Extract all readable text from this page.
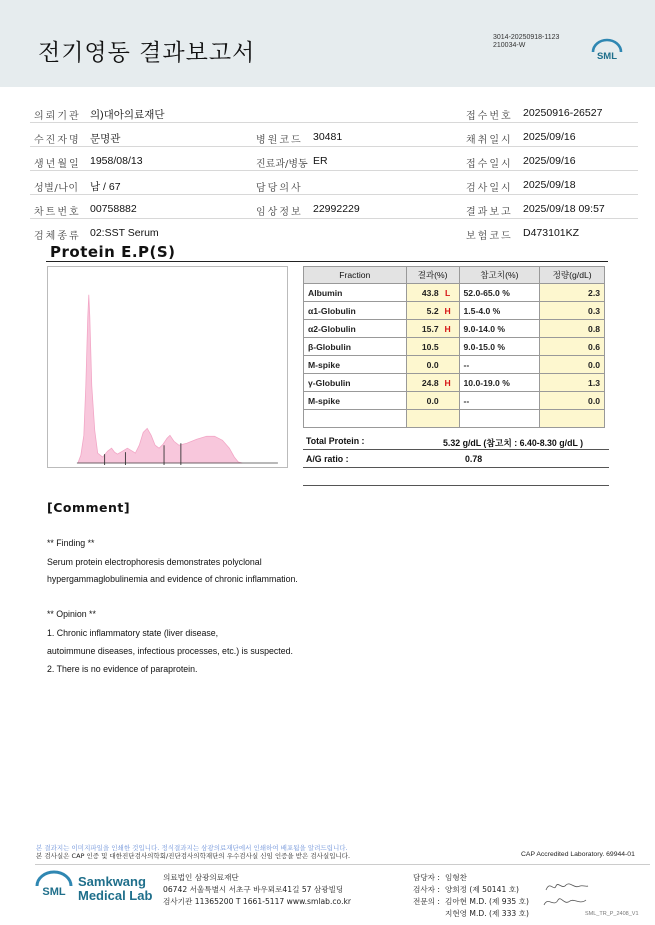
전기영동 결과보고서
3014-20250918-1123
210034-W
SML
의뢰기관 의)대아의료재단	접수번호 20250916-26527
수진자명 문명관	병원코드 30481	채취일시 2025/09/16
생년월일 1958/08/13	진료과/병동 ER	접수일시 2025/09/16
성별/나이 남 / 67	담당의사	검사일시 2025/09/18
차트번호 00758882	임상정보 22992229	결과보고 2025/09/18 09:57
검체종류 02:SST Serum	보험코드 D473101KZ
Protein E.P(S)
Fraction	결과(%)	참고치(%)	정량(g/dL)
Albumin	43.8 L	52.0-65.0 %	2.3
α1-Globulin	5.2 H	1.5-4.0 %	0.3
α2-Globulin	15.7 H	9.0-14.0 %	0.8
β-Globulin	10.5	9.0-15.0 %	0.6
M-spike	0.0	--	0.0
γ-Globulin	24.8 H	10.0-19.0 %	1.3
M-spike	0.0	--	0.0

Total Protein :	5.32 g/dL (참고치 : 6.40-8.30 g/dL )
A/G ratio :	0.78
[Comment]
** Finding **
Serum protein electrophoresis demonstrates polyclonal
hypergammaglobulinemia and evidence of chronic inflammation.
** Opinion **
1. Chronic inflammatory state (liver disease,
autoimmune diseases, infectious processes, etc.) is suspected.
2. There is no evidence of paraprotein.
본 결과지는 이미지파일을 인쇄한 것입니다. 정식결과지는 삼광의료재단에서 인쇄하여 배포됨을 알려드립니다.
본 검사실은 CAP 인증 및 대한진단검사의학회/진단검사의학재단의 우수검사실 신임 인증을 받은 검사실입니다.	CAP Accredited Laboratory. 69944-01
SML
Samkwang
Medical Lab
의료법인 삼광의료재단
06742 서울특별시 서초구 바우뫼로41길 57 삼광빌딩
검사기관 11365200 T 1661-5117 www.smlab.co.kr
담당자 : 임형찬
검사자 : 양희정 (제 50141 호)
전문의 : 김아현 M.D. (제 935 호)
지현영 M.D. (제 333 호)	SML_TR_P_2408_V1
